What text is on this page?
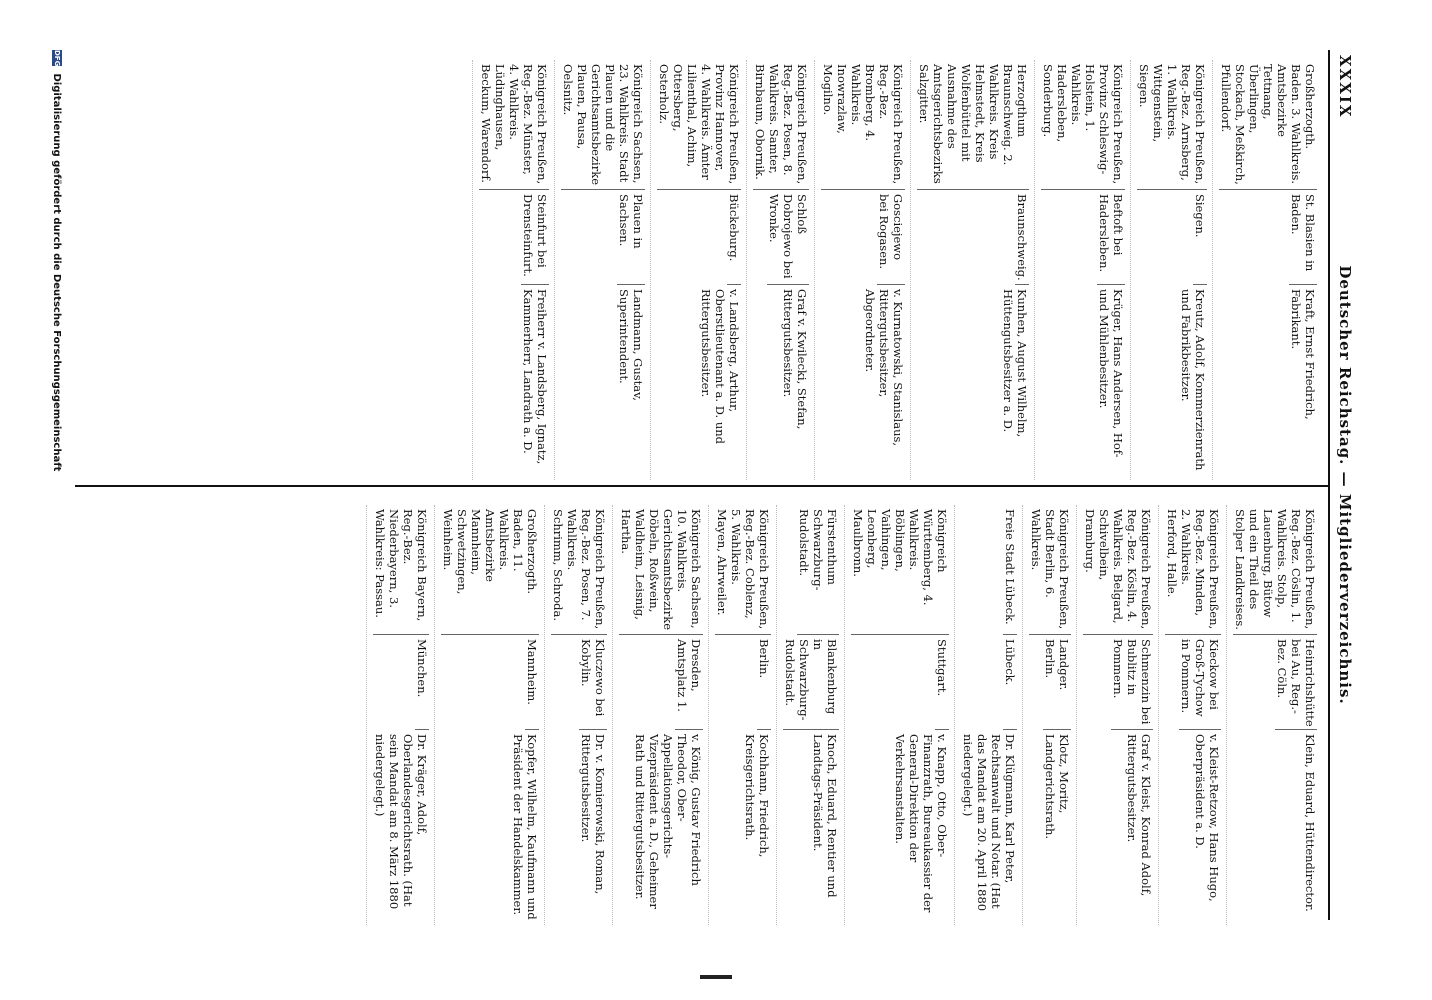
XXXIX
Deutscher Reichstag. — Mitgliederverzeichnis.
Großherzogth. Baden. 3. Wahlkreis. Amtsbezirke Tettnang, Überlingen, Stockach, Meßkirch, Pfullendorf.
St. Blasien in Baden.
Kraft, Ernst Friedrich, Fabrikant.
Königreich Preußen, Reg.-Bez. Arnsberg, 1. Wahlkreis. Wittgenstein, Siegen.
Siegen.
Kreutz, Adolf, Kommerzienrath und Fabrikbesitzer.
Königreich Preußen, Provinz Schleswig-Holstein, 1. Wahlkreis. Hadersleben, Sonderburg.
Beftoft bei Hadersleben.
Krüger, Hans Andersen, Hof- und Mühlenbesitzer.
Herzogthum Braunschweig. 2. Wahlkreis. Kreis Helmstedt, Kreis Wolfenbüttel mit Ausnahme des Amtsgerichtsbezirks Salzgitter.
Braunschweig.
Kunhen, August Wilhelm, Hüttengutsbesitzer a. D.
Königreich Preußen, Reg.-Bez. Bromberg, 4. Wahlkreis. Inowrazlaw, Mogilno.
Gosciejewo bei Rogasen.
v. Kurnatowski, Stanislaus, Rittergutsbesitzer, Abgeordneter.
Königreich Preußen, Reg.-Bez. Posen, 8. Wahlkreis. Samter, Birnbaum, Obornik.
Schloß Dobrojewo bei Wronke.
Graf v. Kwilecki, Stefan, Rittergutsbesitzer.
Königreich Preußen, Provinz Hannover, 4. Wahlkreis. Ämter Lilienthal, Achim, Ottersberg, Osterholz.
Bückeburg.
v. Landsberg, Arthur, Oberstlieutenant a. D. und Rittergutsbesitzer.
Königreich Sachsen, 23. Wahlkreis. Stadt Plauen und die Gerichtsamtsbezirke Plauen, Pausa, Oelsnitz.
Plauen in Sachsen.
Landmann, Gustav, Superintendent.
Königreich Preußen, Reg.-Bez. Münster, 4. Wahlkreis. Lüdinghausen, Beckum, Warendorf.
Steinfurt bei Drensteinfurt.
Freiherr v. Landsberg, Ignatz, Kammerherr, Landrath a. D.
Königreich Preußen, Reg.-Bez. Cöslin, 1. Wahlkreis. Stolp, Lauenburg, Bütow und ein Theil des Stolper Landkreises.
Heinrichshütte bei Au, Reg.-Bez. Cöln.
Klein, Eduard, Hüttendirector.
Königreich Preußen, Reg.-Bez. Minden, 2. Wahlkreis. Herford, Halle.
Kieckow bei Groß-Tychow in Pommern.
v. Kleist-Retzow, Hans Hugo, Oberpräsident a. D.
Königreich Preußen, Reg.-Bez. Köslin, 4. Wahlkreis. Belgard, Schivelbein, Dramburg.
Schmenzin bei Bublitz in Pommern.
Graf v. Kleist, Konrad Adolf, Rittergutsbesitzer.
Königreich Preußen, Stadt Berlin, 6. Wahlkreis.
Landger. Berlin.
Klotz, Moritz, Landgerichtsrath.
Freie Stadt Lübeck.
Lübeck.
Dr. Klügmann, Karl Peter, Rechtsanwalt und Notar. (Hat das Mandat am 20. April 1880 niedergelegt.)
Königreich Württemberg, 4. Wahlkreis. Böblingen, Vaihingen, Leonberg, Maulbronn.
Stuttgart.
v. Knapp, Otto, Ober-Finanzrath, Bureaukassier der General-Direktion der Verkehrsanstalten.
Fürstenthum Schwarzburg-Rudolstadt.
Blankenburg in Schwarzburg-Rudolstadt.
Knoch, Eduard, Rentier und Landtags-Präsident.
Königreich Preußen, Reg.-Bez. Coblenz, 5. Wahlkreis. Mayen, Ahrweiler.
Berlin.
Kochhann, Friedrich, Kreisgerichtsrath.
Königreich Sachsen, 10. Wahlkreis. Gerichtsamtsbezirke Döbeln, Roßwein, Waldheim, Leisnig, Hartha.
Dresden, Amtsplatz 1.
v. König, Gustav Friedrich Theodor, Ober-Appellationsgerichts-Vizepräsident a. D., Geheimer Rath und Rittergutsbesitzer.
Königreich Preußen, Reg.-Bez. Posen, 7. Wahlkreis. Schrimm, Schroda.
Kluczewo bei Kobylin.
Dr. v. Komierowski, Roman, Rittergutsbesitzer.
Großherzogth. Baden, 11. Wahlkreis. Amtsbezirke Mannheim, Schwetzingen, Weinheim.
Mannheim.
Kopfer, Wilhelm, Kaufmann und Präsident der Handelskammer.
Königreich Bayern, Reg.-Bez. Niederbayern, 3. Wahlkreis: Passau.
München.
Dr. Kräger, Adolf, Oberlandesgerichtsrath. (Hat sein Mandat am 8. März 1880 niedergelegt.)
DFG Digitalisierung gefördert durch die Deutsche Forschungsgemeinschaft
